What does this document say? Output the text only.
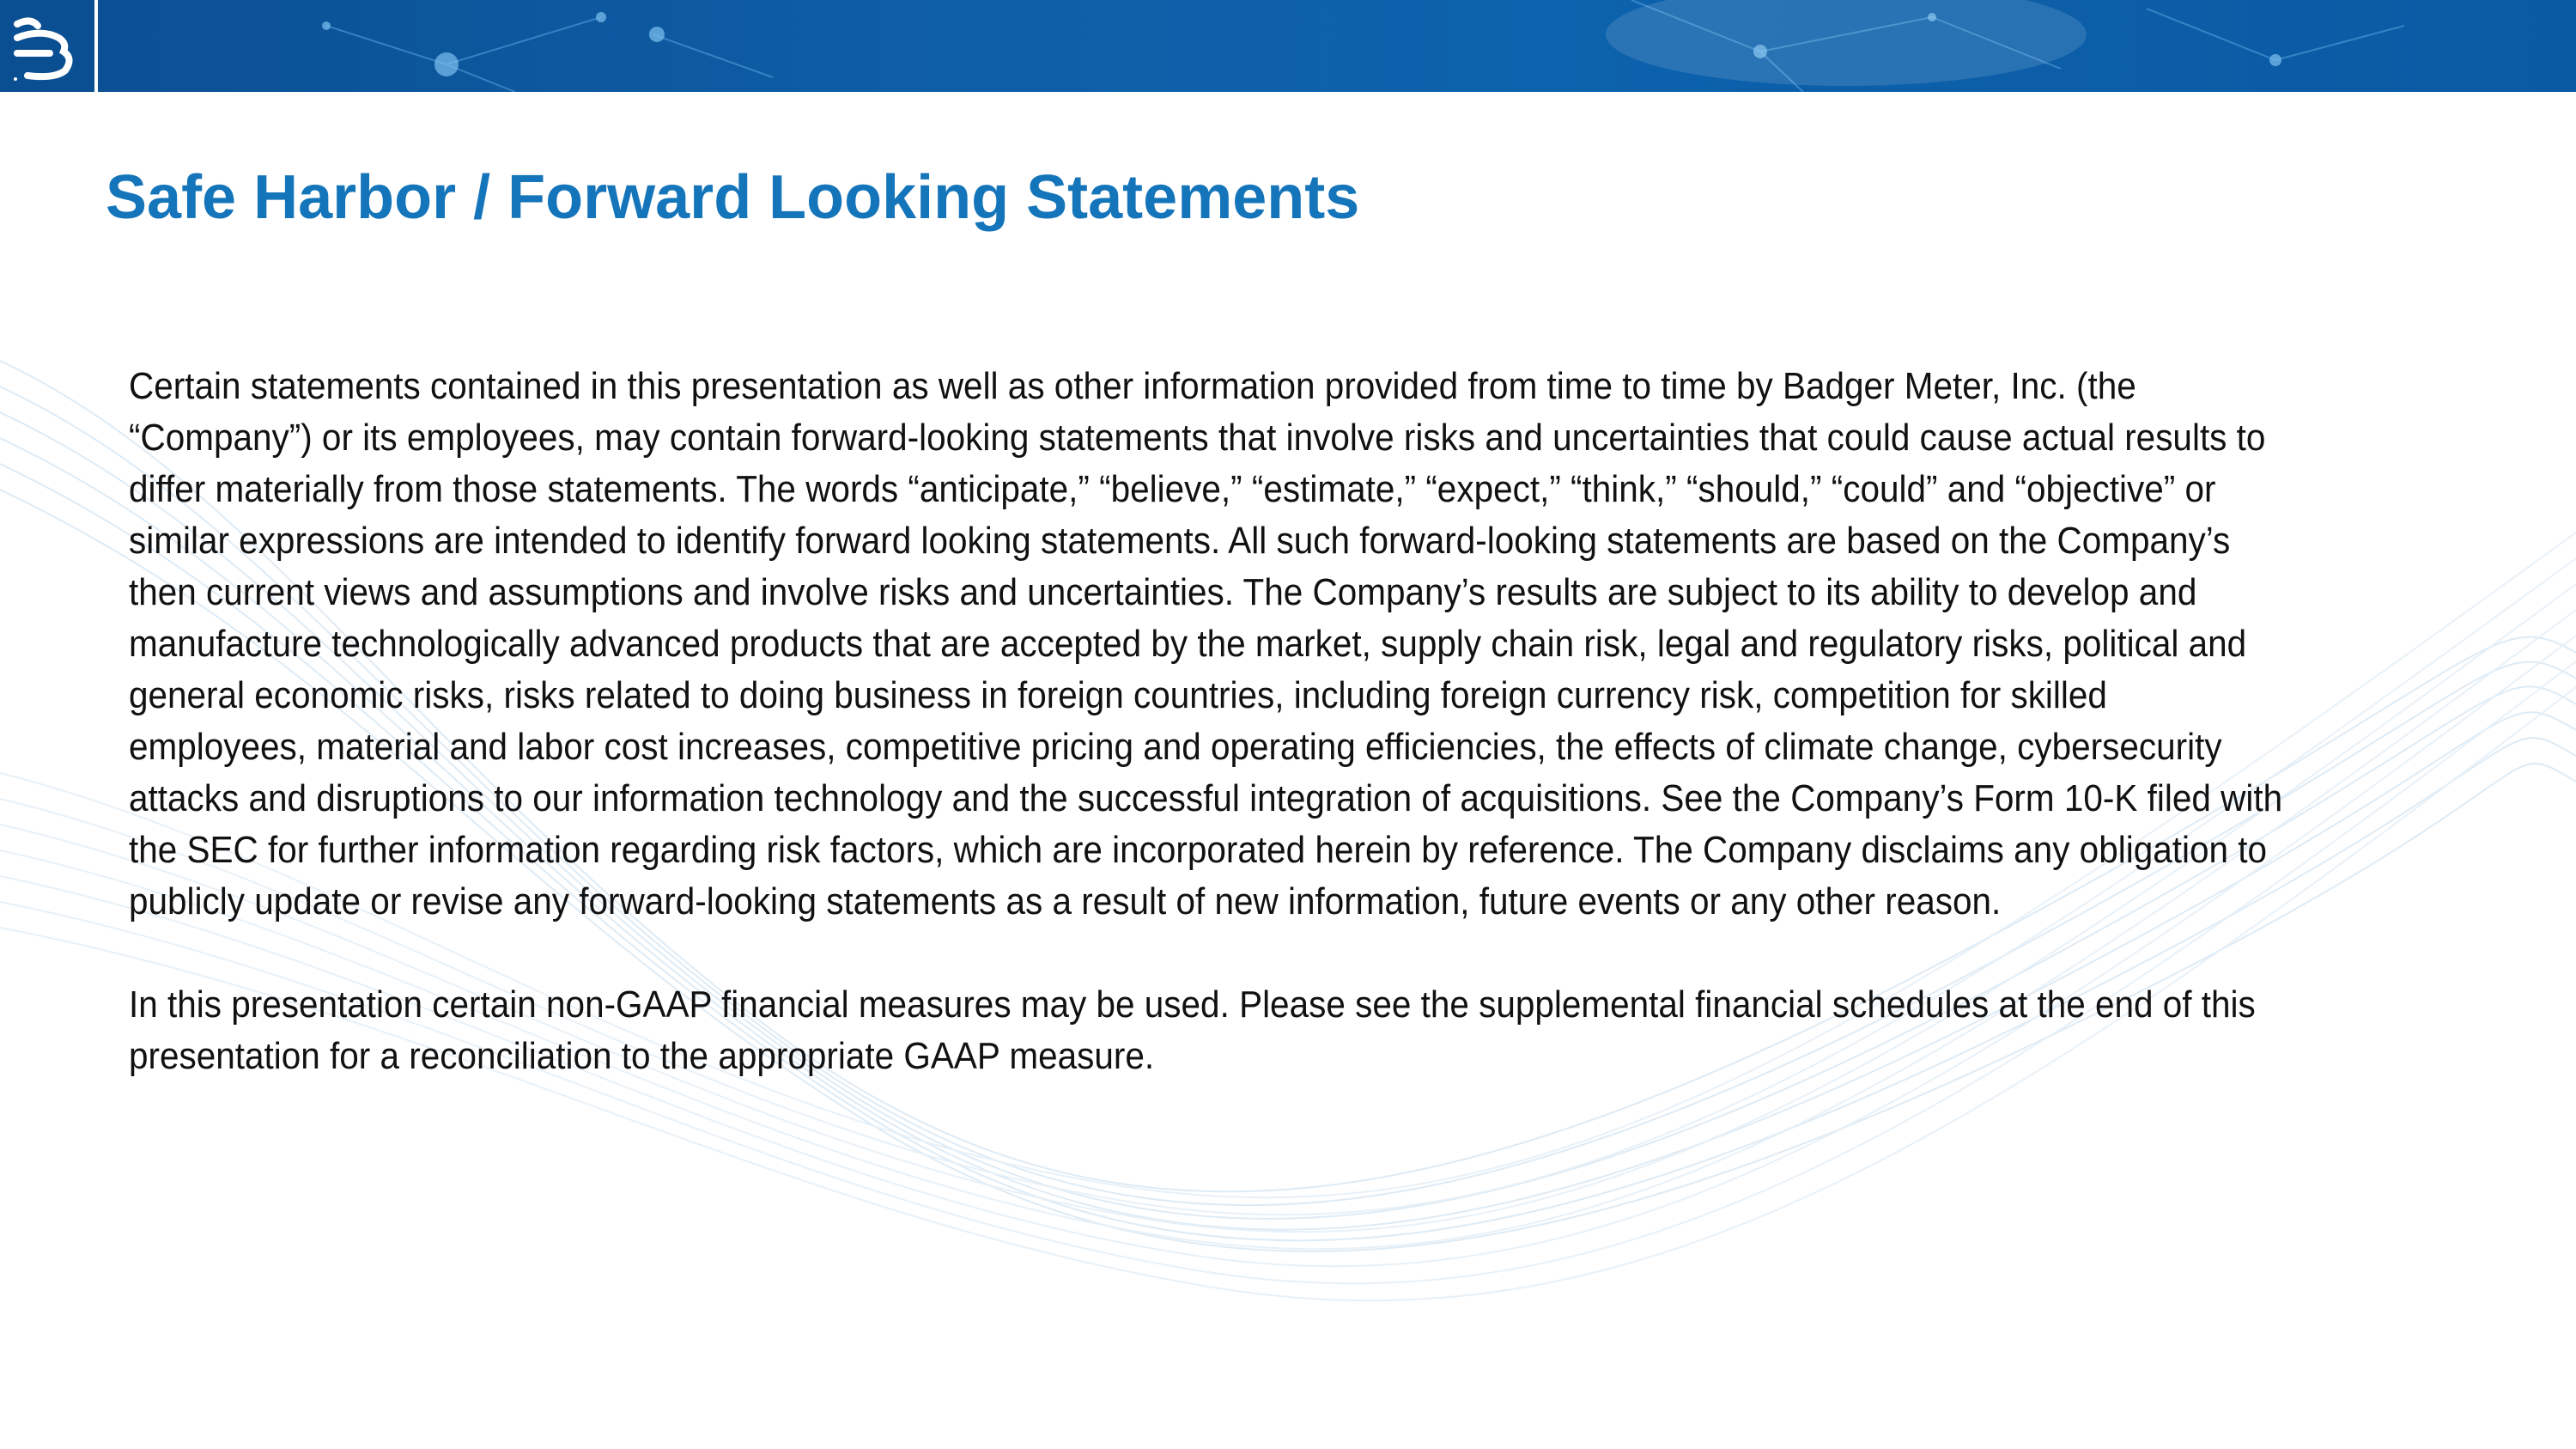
Safe Harbor / Forward Looking Statements

Certain statements contained in this presentation as well as other information provided from time to time by Badger Meter, Inc. (the “Company”) or its employees, may contain forward-looking statements that involve risks and uncertainties that could cause actual results to differ materially from those statements. The words “anticipate,” “believe,” “estimate,” “expect,” “think,” “should,” “could” and “objective” or similar expressions are intended to identify forward looking statements. All such forward-looking statements are based on the Company’s then current views and assumptions and involve risks and uncertainties. The Company’s results are subject to its ability to develop and manufacture technologically advanced products that are accepted by the market, supply chain risk, legal and regulatory risks, political and general economic risks, risks related to doing business in foreign countries, including foreign currency risk, competition for skilled employees, material and labor cost increases, competitive pricing and operating efficiencies, the effects of climate change, cybersecurity attacks and disruptions to our information technology and the successful integration of acquisitions. See the Company’s Form 10-K filed with the SEC for further information regarding risk factors, which are incorporated herein by reference. The Company disclaims any obligation to publicly update or revise any forward-looking statements as a result of new information, future events or any other reason.

In this presentation certain non-GAAP financial measures may be used. Please see the supplemental financial schedules at the end of this presentation for a reconciliation to the appropriate GAAP measure.
